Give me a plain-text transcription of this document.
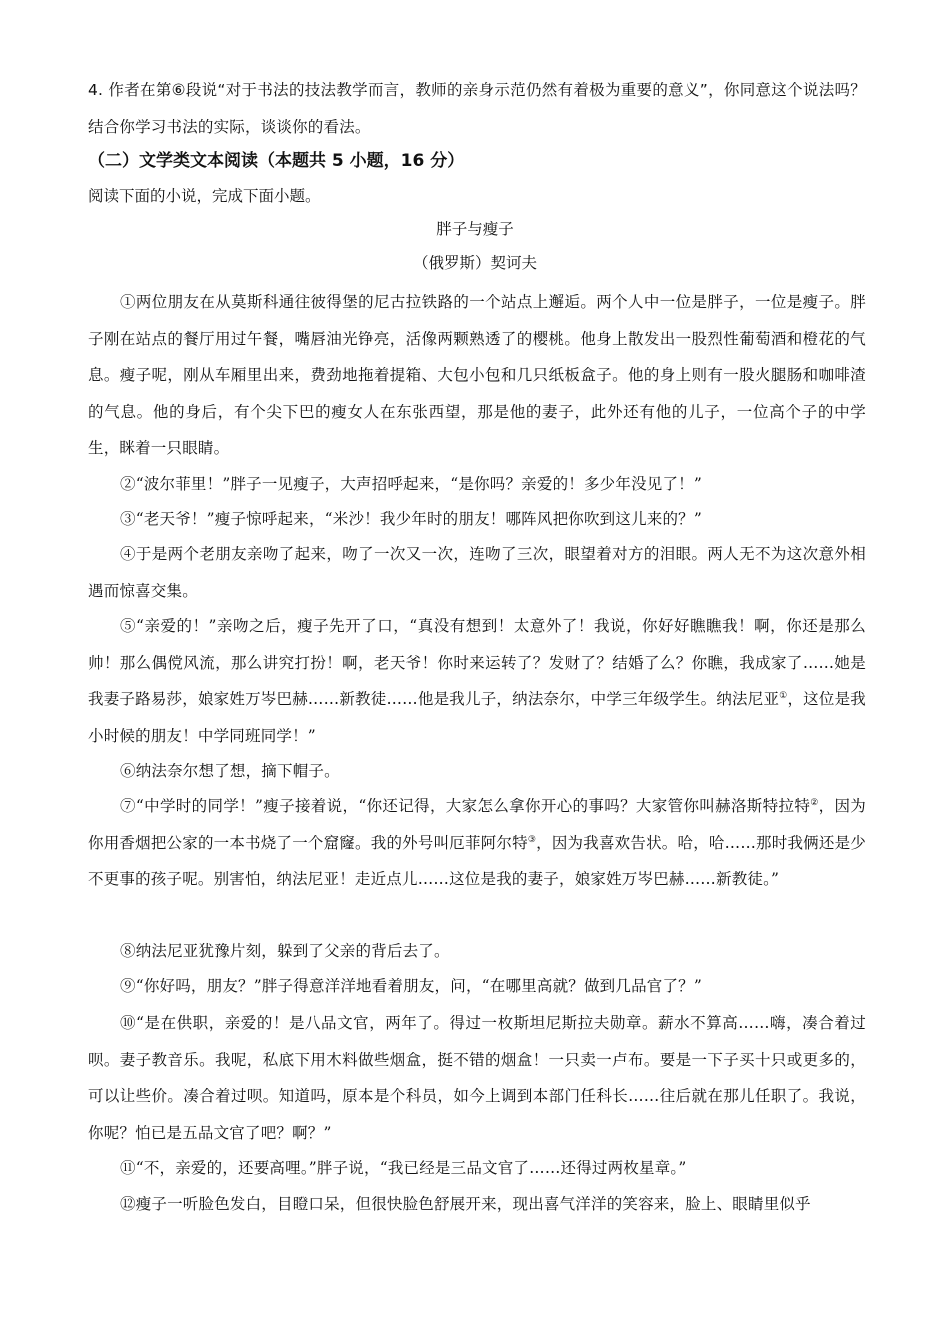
4. 作者在第⑥段说“对于书法的技法教学而言，教师的亲身示范仍然有着极为重要的意义”，你同意这个说法吗？结合你学习书法的实际，谈谈你的看法。

（二）文学类文本阅读（本题共 5 小题，16 分）

阅读下面的小说，完成下面小题。

胖子与瘦子

（俄罗斯）契诃夫

①两位朋友在从莫斯科通往彼得堡的尼古拉铁路的一个站点上邂逅。两个人中一位是胖子，一位是瘦子。胖子刚在站点的餐厅用过午餐，嘴唇油光铮亮，活像两颗熟透了的樱桃。他身上散发出一股烈性葡萄酒和橙花的气息。瘦子呢，刚从车厢里出来，费劲地拖着提箱、大包小包和几只纸板盒子。他的身上则有一股火腿肠和咖啡渣的气息。他的身后，有个尖下巴的瘦女人在东张西望，那是他的妻子，此外还有他的儿子，一位高个子的中学生，眯着一只眼睛。

②“波尔菲里！”胖子一见瘦子，大声招呼起来，“是你吗？亲爱的！多少年没见了！”

③“老天爷！”瘦子惊呼起来，“米沙！我少年时的朋友！哪阵风把你吹到这儿来的？”

④于是两个老朋友亲吻了起来，吻了一次又一次，连吻了三次，眼望着对方的泪眼。两人无不为这次意外相遇而惊喜交集。

⑤“亲爱的！”亲吻之后，瘦子先开了口，“真没有想到！太意外了！我说，你好好瞧瞧我！啊，你还是那么帅！那么偶傥风流，那么讲究打扮！啊，老天爷！你时来运转了？发财了？结婚了么？你瞧，我成家了……她是我妻子路易莎，娘家姓万岑巴赫……新教徒……他是我儿子，纳法奈尔，中学三年级学生。纳法尼亚①，这位是我小时候的朋友！中学同班同学！”

⑥纳法奈尔想了想，摘下帽子。

⑦“中学时的同学！”瘦子接着说，“你还记得，大家怎么拿你开心的事吗？大家管你叫赫洛斯特拉特②，因为你用香烟把公家的一本书烧了一个窟窿。我的外号叫厄菲阿尔特③，因为我喜欢告状。哈，哈……那时我俩还是少不更事的孩子呢。别害怕，纳法尼亚！走近点儿……这位是我的妻子，娘家姓万岑巴赫……新教徒。”

⑧纳法尼亚犹豫片刻，躲到了父亲的背后去了。

⑨“你好吗，朋友？”胖子得意洋洋地看着朋友，问，“在哪里高就？做到几品官了？”

⑩“是在供职，亲爱的！是八品文官，两年了。得过一枚斯坦尼斯拉夫勋章。薪水不算高……嗨，凑合着过呗。妻子教音乐。我呢，私底下用木料做些烟盒，挺不错的烟盒！一只卖一卢布。要是一下子买十只或更多的，可以让些价。凑合着过呗。知道吗，原本是个科员，如今上调到本部门任科长……往后就在那儿任职了。我说，你呢？怕已是五品文官了吧？啊？”

⑪“不，亲爱的，还要高哩。”胖子说，“我已经是三品文官了……还得过两枚星章。”

⑫瘦子一听脸色发白，目瞪口呆，但很快脸色舒展开来，现出喜气洋洋的笑容来，脸上、眼睛里似乎
